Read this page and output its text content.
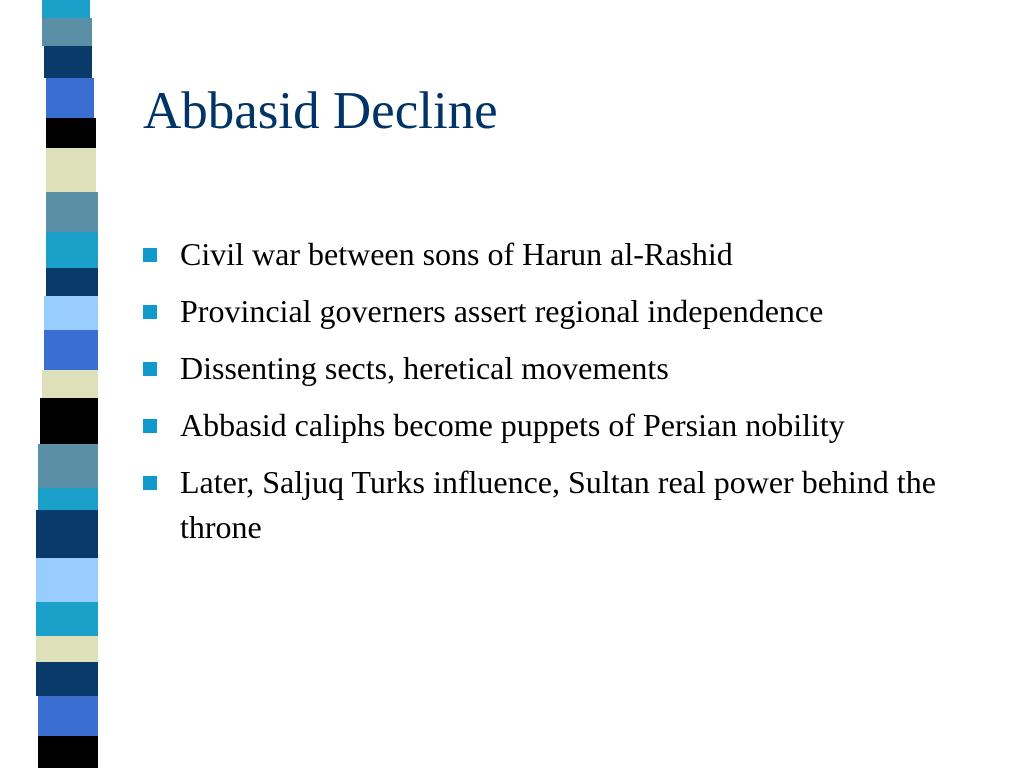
Abbasid Decline
Civil war between sons of Harun al-Rashid
Provincial governers assert regional independence
Dissenting sects, heretical movements
Abbasid caliphs become puppets of Persian nobility
Later, Saljuq Turks influence, Sultan real power behind the throne
